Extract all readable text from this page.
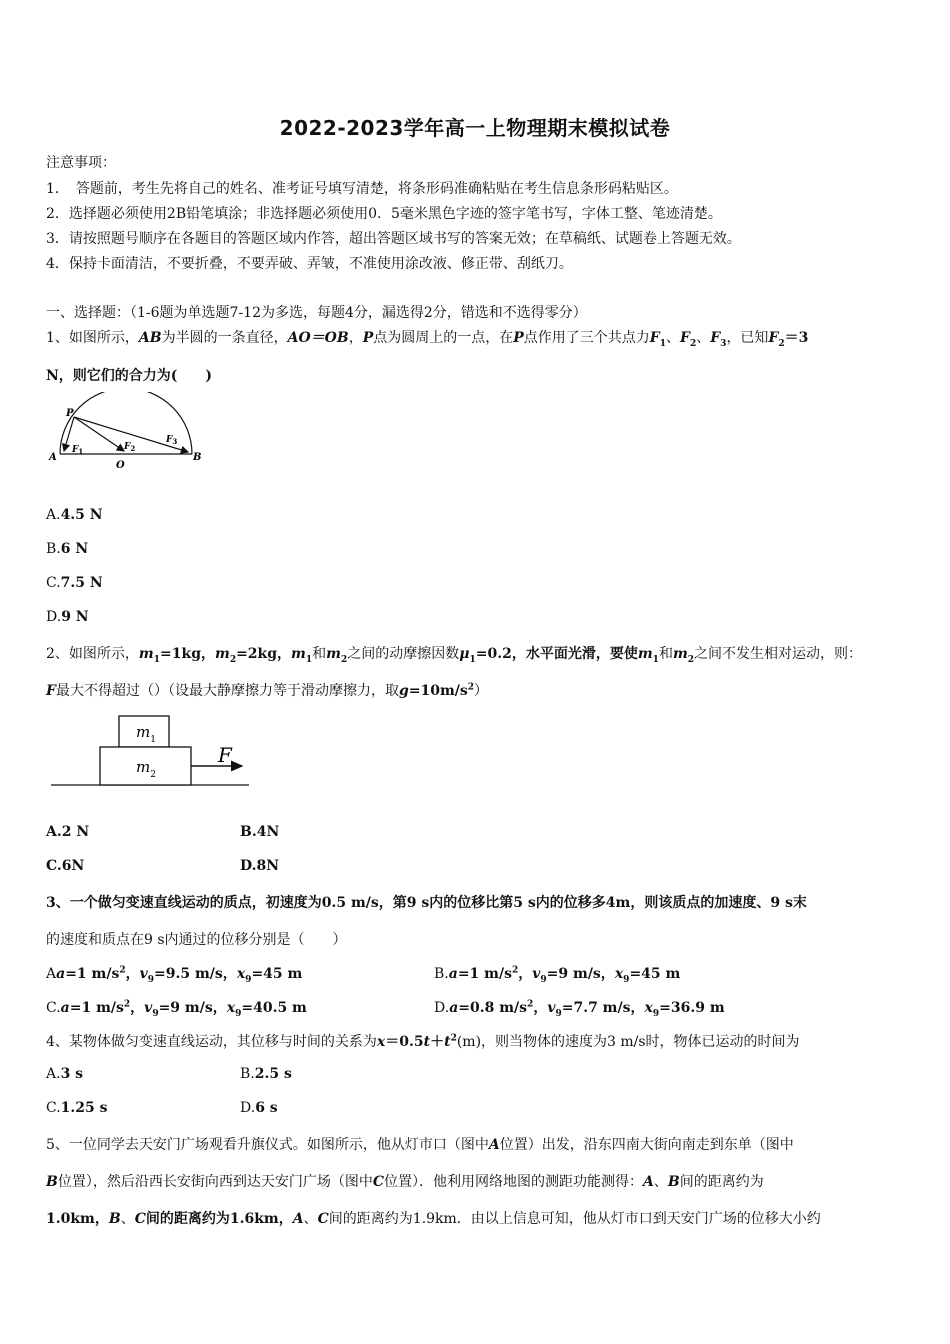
2022-2023学年高一上物理期末模拟试卷
注意事项：
1．　答题前，考生先将自己的姓名、准考证号填写清楚，将条形码准确粘贴在考生信息条形码粘贴区。
2．选择题必须使用2B铅笔填涂；非选择题必须使用0．5毫米黑色字迹的签字笔书写，字体工整、笔迹清楚。
3．请按照题号顺序在各题目的答题区域内作答，超出答题区域书写的答案无效；在草稿纸、试题卷上答题无效。
4．保持卡面清洁，不要折叠，不要弄破、弄皱，不准使用涂改液、修正带、刮纸刀。
一、选择题：（1-6题为单选题7-12为多选，每题4分，漏选得2分，错选和不选得零分）
1、如图所示，AB为半圆的一条直径，AO＝OB，P点为圆周上的一点，在P点作用了三个共点力$F_1$、$F_2$、$F_3$，已知$F_2=3$
N，则它们的合力为(　　)
P
A
O
B
$F_1$	$F_2$
$F_3$
A.4.5 N
B.6 N
C.7.5 N
D.9 N
2、如图所示，$m_1=1kg$，$m_2=2kg$，$m_1$和$m_2$之间的动摩擦因数$\mu_1=0.2$，水平面光滑，要使$m_1$和$m_2$之间不发生相对运动，则：
F最大不得超过（）（设最大静摩擦力等于滑动摩擦力，取$g=10m/s^2$）
$m_1$
$m_2$
F
A.2 N	B.4N
C.6N	D.8N
3、一个做匀变速直线运动的质点，初速度为0.5 m/s，第9 s内的位移比第5 s内的位移多4m，则该质点的加速度、9 s末
的速度和质点在9 s内通过的位移分别是（　　）
Aa=1 $m/s^2$，$v_9=9.5$ m/s，$x_9=45$ m	B.a=1 $m/s^2$，$v_9=9$ m/s，$x_9=45$ m
C.a=1 $m/s^2$，$v_9=9$ m/s，$x_9=40.5$ m	D.a=0.8 $m/s^2$，$v_9=7.7$ m/s，$x_9=36.9$ m
4、某物体做匀变速直线运动，其位移与时间的关系为$x=0.5t+t^2(m)$，则当物体的速度为3 m/s时，物体已运动的时间为
A.3 s	B.2.5 s
C.1.25 s	D.6 s
5、一位同学去天安门广场观看升旗仪式。如图所示，他从灯市口（图中A位置）出发，沿东四南大街向南走到东单（图中
B位置），然后沿西长安街向西到达天安门广场（图中C位置）．他利用网络地图的测距功能测得：A、B间的距离约为
1.0km，B、C间的距离约为1.6km，A、C间的距离约为1.9km．由以上信息可知，他从灯市口到天安门广场的位移大小约
